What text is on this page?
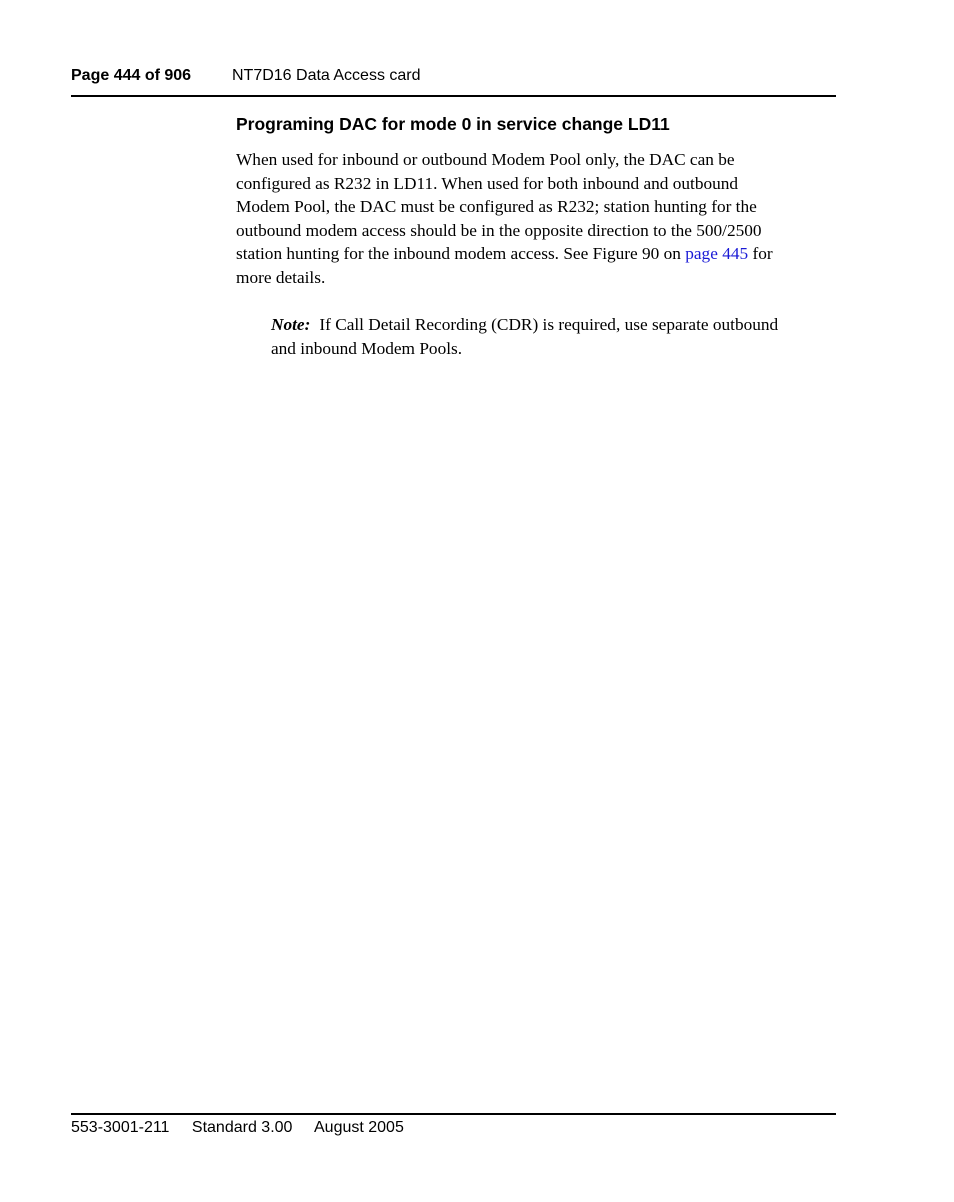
Page 444 of 906	NT7D16 Data Access card
Programing DAC for mode 0 in service change LD11

When used for inbound or outbound Modem Pool only, the DAC can be
configured as R232 in LD11. When used for both inbound and outbound
Modem Pool, the DAC must be configured as R232; station hunting for the
outbound modem access should be in the opposite direction to the 500/2500
station hunting for the inbound modem access. See Figure 90 on page 445 for
more details.

Note: If Call Detail Recording (CDR) is required, use separate outbound
and inbound Modem Pools.

553-3001-211 Standard 3.00 August 2005
